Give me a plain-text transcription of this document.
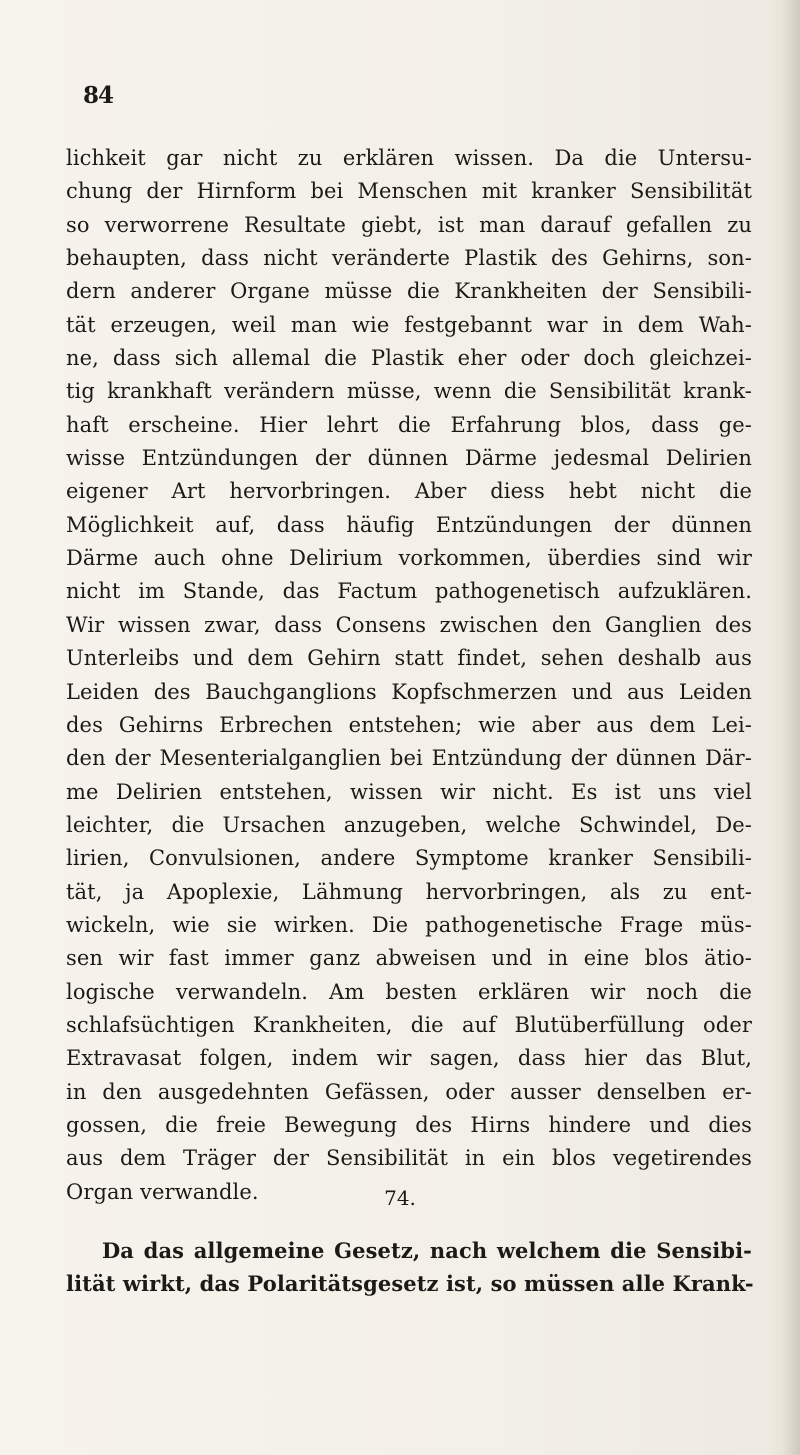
84

lichkeit gar nicht zu erklären wissen. Da die Untersu-
chung der Hirnform bei Menschen mit kranker Sensibilität
so verworrene Resultate giebt, ist man darauf gefallen zu
behaupten, dass nicht veränderte Plastik des Gehirns, son-
dern anderer Organe müsse die Krankheiten der Sensibili-
tät erzeugen, weil man wie festgebannt war in dem Wah-
ne, dass sich allemal die Plastik eher oder doch gleichzei-
tig krankhaft verändern müsse, wenn die Sensibilität krank-
haft erscheine. Hier lehrt die Erfahrung blos, dass ge-
wisse Entzündungen der dünnen Därme jedesmal Delirien
eigener Art hervorbringen. Aber diess hebt nicht die
Möglichkeit auf, dass häufig Entzündungen der dünnen
Därme auch ohne Delirium vorkommen, überdies sind wir
nicht im Stande, das Factum pathogenetisch aufzuklären.
Wir wissen zwar, dass Consens zwischen den Ganglien des
Unterleibs und dem Gehirn statt findet, sehen deshalb aus
Leiden des Bauchganglions Kopfschmerzen und aus Leiden
des Gehirns Erbrechen entstehen; wie aber aus dem Lei-
den der Mesenterialganglien bei Entzündung der dünnen Där-
me Delirien entstehen, wissen wir nicht. Es ist uns viel
leichter, die Ursachen anzugeben, welche Schwindel, De-
lirien, Convulsionen, andere Symptome kranker Sensibili-
tät, ja Apoplexie, Lähmung hervorbringen, als zu ent-
wickeln, wie sie wirken. Die pathogenetische Frage müs-
sen wir fast immer ganz abweisen und in eine blos ätio-
logische verwandeln. Am besten erklären wir noch die
schlafsüchtigen Krankheiten, die auf Blutüberfüllung oder
Extravasat folgen, indem wir sagen, dass hier das Blut,
in den ausgedehnten Gefässen, oder ausser denselben er-
gossen, die freie Bewegung des Hirns hindere und dies
aus dem Träger der Sensibilität in ein blos vegetirendes
Organ verwandle.	74.

Da das allgemeine Gesetz, nach welchem die Sensibi-
lität wirkt, das Polaritätsgesetz ist, so müssen alle Krank-
